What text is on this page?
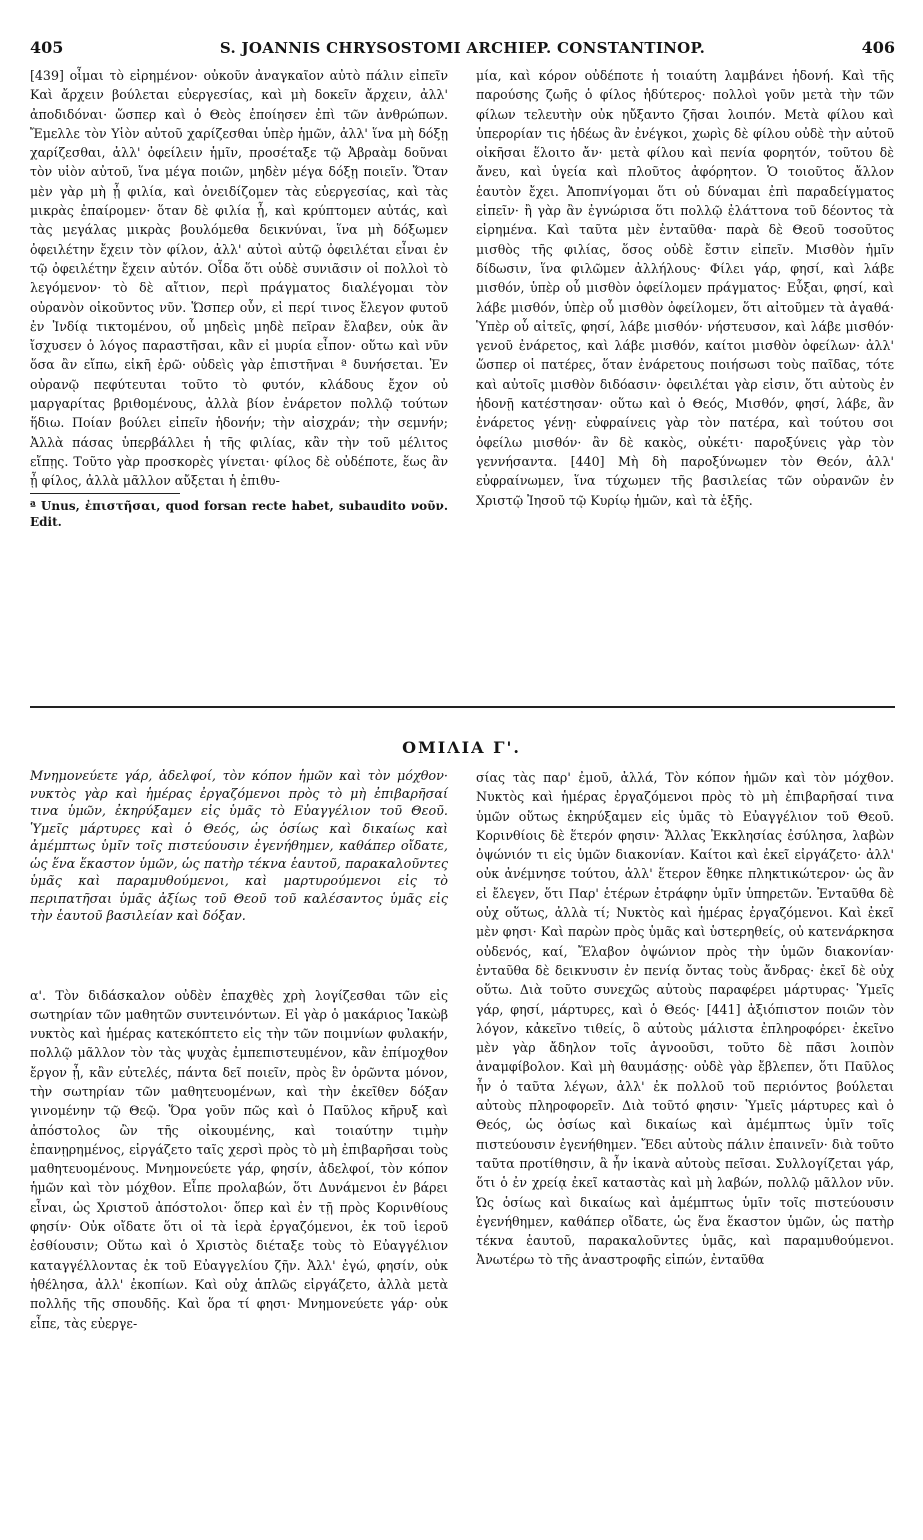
405	S. JOANNIS CHRYSOSTOMI ARCHIEP. CONSTANTINOP.	406

[439] οἶμαι τὸ εἰρημένον· οὐκοῦν ἀναγκαῖον αὐτὸ πάλιν εἰπεῖν Καὶ ἄρχειν βούλεται εὐεργεσίας, καὶ μὴ δοκεῖν ἄρχειν, ἀλλ' ἀποδιδόναι· ὥσπερ καὶ ὁ Θεὸς ἐποίησεν ἐπὶ τῶν ἀνθρώπων. Ἔμελλε τὸν Υἱὸν αὐτοῦ χαρίζεσθαι ὑπὲρ ἡμῶν, ἀλλ' ἵνα μὴ δόξῃ χαρίζεσθαι, ἀλλ' ὀφείλειν ἡμῖν, προσέταξε τῷ Ἀβραὰμ δοῦναι τὸν υἱὸν αὐτοῦ, ἵνα μέγα ποιῶν, μηδὲν μέγα δόξῃ ποιεῖν. Ὅταν μὲν γὰρ μὴ ᾖ φιλία, καὶ ὀνειδίζομεν τὰς εὐεργεσίας, καὶ τὰς μικρὰς ἐπαίρομεν· ὅταν δὲ φιλία ᾖ, καὶ κρύπτομεν αὐτάς, καὶ τὰς μεγάλας μικρὰς βουλόμεθα δεικνύναι, ἵνα μὴ δόξωμεν ὀφειλέτην ἔχειν τὸν φίλον, ἀλλ' αὐτοὶ αὐτῷ ὀφειλέται εἶναι ἐν τῷ ὀφειλέτην ἔχειν αὐτόν. Οἶδα ὅτι οὐδὲ συνιᾶσιν οἱ πολλοὶ τὸ λεγόμενον· τὸ δὲ αἴτιον, περὶ πράγματος διαλέγομαι τὸν οὐρανὸν οἰκοῦντος νῦν. Ὥσπερ οὖν, εἰ περί τινος ἔλεγον φυτοῦ ἐν Ἰνδίᾳ τικτομένου, οὗ μηδεὶς μηδὲ πεῖραν ἔλαβεν, οὐκ ἂν ἴσχυσεν ὁ λόγος παραστῆσαι, κἂν εἰ μυρία εἶπον· οὕτω καὶ νῦν ὅσα ἂν εἴπω, εἰκῆ ἐρῶ· οὐδεὶς γὰρ ἐπιστῆναι ª δυνήσεται. Ἐν οὐρανῷ πεφύτευται τοῦτο τὸ φυτόν, κλάδους ἔχον οὐ μαργαρίτας βριθομένους, ἀλλὰ βίον ἐνάρετον πολλῷ τούτων ἥδιω. Ποίαν βούλει εἰπεῖν ἡδονήν; τὴν αἰσχράν; τὴν σεμνήν; Ἀλλὰ πάσας ὑπερβάλλει ἡ τῆς φιλίας, κἂν τὴν τοῦ μέλιτος εἴπῃς. Τοῦτο γὰρ προσκορὲς γίνεται· φίλος δὲ οὐδέποτε, ἕως ἂν ᾖ φίλος, ἀλλὰ μᾶλλον αὔξεται ἡ ἐπιθυ-

ª Unus, ἐπιστῆσαι, quod forsan recte habet, subaudito νοῦν. Edit.

μία, καὶ κόρον οὐδέποτε ἡ τοιαύτη λαμβάνει ἡδονή. Καὶ τῆς παρούσης ζωῆς ὁ φίλος ἡδύτερος· πολλοὶ γοῦν μετὰ τὴν τῶν φίλων τελευτὴν οὐκ ηὔξαντο ζῆσαι λοιπόν. Μετὰ φίλου καὶ ὑπερορίαν τις ἡδέως ἂν ἐνέγκοι, χωρὶς δὲ φίλου οὐδὲ τὴν αὐτοῦ οἰκῆσαι ἕλοιτο ἄν· μετὰ φίλου καὶ πενία φορητόν, τοῦτου δὲ ἄνευ, καὶ ὑγεία καὶ πλοῦτος ἀφόρητον. Ὁ τοιοῦτος ἄλλον ἑαυτὸν ἔχει. Ἀποπνίγομαι ὅτι οὐ δύναμαι ἐπὶ παραδείγματος εἰπεῖν· ἢ γὰρ ἂν ἐγνώρισα ὅτι πολλῷ ἐλάττονα τοῦ δέοντος τὰ εἰρημένα. Καὶ ταῦτα μὲν ἐνταῦθα· παρὰ δὲ Θεοῦ τοσοῦτος μισθὸς τῆς φιλίας, ὅσος οὐδὲ ἔστιν εἰπεῖν. Μισθὸν ἡμῖν δίδωσιν, ἵνα φιλῶμεν ἀλλήλους· Φίλει γάρ, φησί, καὶ λάβε μισθόν, ὑπὲρ οὗ μισθὸν ὀφείλομεν πράγματος· Εὖξαι, φησί, καὶ λάβε μισθόν, ὑπὲρ οὗ μισθὸν ὀφείλομεν, ὅτι αἰτοῦμεν τὰ ἀγαθά· Ὑπὲρ οὗ αἰτεῖς, φησί, λάβε μισθόν· νήστευσον, καὶ λάβε μισθόν· γενοῦ ἐνάρετος, καὶ λάβε μισθόν, καίτοι μισθὸν ὀφείλων· ἀλλ' ὥσπερ οἱ πατέρες, ὅταν ἐνάρετους ποιήσωσι τοὺς παῖδας, τότε καὶ αὐτοῖς μισθὸν διδόασιν· ὀφειλέται γὰρ εἰσιν, ὅτι αὐτοὺς ἐν ἡδονῇ κατέστησαν· οὕτω καὶ ὁ Θεός, Μισθόν, φησί, λάβε, ἂν ἐνάρετος γένῃ· εὐφραίνεις γὰρ τὸν πατέρα, καὶ τούτου σοι ὀφείλω μισθόν· ἂν δὲ κακὸς, οὐκέτι· παροξύνεις γὰρ τὸν γεννήσαντα. [440] Μὴ δὴ παροξύνωμεν τὸν Θεόν, ἀλλ' εὐφραίνωμεν, ἵνα τύχωμεν τῆς βασιλείας τῶν οὐρανῶν ἐν Χριστῷ Ἰησοῦ τῷ Κυρίῳ ἡμῶν, καὶ τὰ ἑξῆς.

ΟΜΙΛΙΑ Γ'.

Μνημονεύετε γάρ, ἀδελφοί, τὸν κόπον ἡμῶν καὶ τὸν μόχθον· νυκτὸς γὰρ καὶ ἡμέρας ἐργαζόμενοι πρὸς τὸ μὴ ἐπιβαρῆσαί τινα ὑμῶν, ἐκηρύξαμεν εἰς ὑμᾶς τὸ Εὐαγγέλιον τοῦ Θεοῦ. Ὑμεῖς μάρτυρες καὶ ὁ Θεός, ὡς ὁσίως καὶ δικαίως καὶ ἀμέμπτως ὑμῖν τοῖς πιστεύουσιν ἐγενήθημεν, καθάπερ οἴδατε, ὡς ἕνα ἕκαστον ὑμῶν, ὡς πατὴρ τέκνα ἑαυτοῦ, παρακαλοῦντες ὑμᾶς καὶ παραμυθούμενοι, καὶ μαρτυρούμενοι εἰς τὸ περιπατῆσαι ὑμᾶς ἀξίως τοῦ Θεοῦ τοῦ καλέσαντος ὑμᾶς εἰς τὴν ἑαυτοῦ βασιλείαν καὶ δόξαν.

α'. Τὸν διδάσκαλον οὐδὲν ἐπαχθὲς χρὴ λογίζεσθαι τῶν εἰς σωτηρίαν τῶν μαθητῶν συντεινόντων. Εἰ γὰρ ὁ μακάριος Ἰακὼβ νυκτὸς καὶ ἡμέρας κατεκόπτετο εἰς τὴν τῶν ποιμνίων φυλακήν, πολλῷ μᾶλλον τὸν τὰς ψυχὰς ἐμπεπιστευμένον, κἂν ἐπίμοχθον ἔργον ᾖ, κἂν εὐτελές, πάντα δεῖ ποιεῖν, πρὸς ἓν ὁρῶντα μόνον, τὴν σωτηρίαν τῶν μαθητευομένων, καὶ τὴν ἐκεῖθεν δόξαν γινομένην τῷ Θεῷ. Ὅρα γοῦν πῶς καὶ ὁ Παῦλος κῆρυξ καὶ ἀπόστολος ὢν τῆς οἰκουμένης, καὶ τοιαύτην τιμὴν ἐπανῃρημένος, εἰργάζετο ταῖς χερσὶ πρὸς τὸ μὴ ἐπιβαρῆσαι τοὺς μαθητευομένους. Μνημονεύετε γάρ, φησίν, ἀδελφοί, τὸν κόπον ἡμῶν καὶ τὸν μόχθον. Εἶπε προλαβών, ὅτι Δυνάμενοι ἐν βάρει εἶναι, ὡς Χριστοῦ ἀπόστολοι· ὅπερ καὶ ἐν τῇ πρὸς Κορινθίους φησίν· Οὐκ οἴδατε ὅτι οἱ τὰ ἱερὰ ἐργαζόμενοι, ἐκ τοῦ ἱεροῦ ἐσθίουσιν; Οὕτω καὶ ὁ Χριστὸς διέταξε τοὺς τὸ Εὐαγγέλιον καταγγέλλοντας ἐκ τοῦ Εὐαγγελίου ζῆν. Ἀλλ' ἐγώ, φησίν, οὐκ ἠθέλησα, ἀλλ' ἐκοπίων. Καὶ οὐχ ἁπλῶς εἰργάζετο, ἀλλὰ μετὰ πολλῆς τῆς σπουδῆς. Καὶ ὅρα τί φησι· Μνημονεύετε γάρ· οὐκ εἶπε, τὰς εὐεργε-

σίας τὰς παρ' ἐμοῦ, ἀλλά, Τὸν κόπον ἡμῶν καὶ τὸν μόχθον. Νυκτὸς καὶ ἡμέρας ἐργαζόμενοι πρὸς τὸ μὴ ἐπιβαρῆσαί τινα ὑμῶν οὕτως ἐκηρύξαμεν εἰς ὑμᾶς τὸ Εὐαγγέλιον τοῦ Θεοῦ. Κορινθίοις δὲ ἕτερόν φησιν· Ἄλλας Ἐκκλησίας ἐσύλησα, λαβὼν ὀψώνιόν τι εἰς ὑμῶν διακονίαν. Καίτοι καὶ ἐκεῖ εἰργάζετο· ἀλλ' οὐκ ἀνέμνησε τούτου, ἀλλ' ἕτερον ἔθηκε πληκτικώτερον· ὡς ἂν εἰ ἔλεγεν, ὅτι Παρ' ἑτέρων ἐτράφην ὑμῖν ὑπηρετῶν. Ἐνταῦθα δὲ οὐχ οὕτως, ἀλλὰ τί; Νυκτὸς καὶ ἡμέρας ἐργαζόμενοι. Καὶ ἐκεῖ μὲν φησι· Καὶ παρὼν πρὸς ὑμᾶς καὶ ὑστερηθείς, οὐ κατενάρκησα οὐδενός, καί, Ἔλαβον ὀψώνιον πρὸς τὴν ὑμῶν διακονίαν· ἐνταῦθα δὲ δεικνυσιν ἐν πενίᾳ ὄντας τοὺς ἄνδρας· ἐκεῖ δὲ οὐχ οὕτω. Διὰ τοῦτο συνεχῶς αὐτοὺς παραφέρει μάρτυρας· Ὑμεῖς γάρ, φησί, μάρτυρες, καὶ ὁ Θεός· [441] ἀξιόπιστον ποιῶν τὸν λόγον, κἀκεῖνο τιθείς, ὃ αὐτοὺς μάλιστα ἐπληροφόρει· ἐκεῖνο μὲν γὰρ ἄδηλον τοῖς ἀγνοοῦσι, τοῦτο δὲ πᾶσι λοιπὸν ἀναμφίβολον. Καὶ μὴ θαυμάσῃς· οὐδὲ γὰρ ἔβλεπεν, ὅτι Παῦλος ἦν ὁ ταῦτα λέγων, ἀλλ' ἐκ πολλοῦ τοῦ περιόντος βούλεται αὐτοὺς πληροφορεῖν. Διὰ τοῦτό φησιν· Ὑμεῖς μάρτυρες καὶ ὁ Θεός, ὡς ὁσίως καὶ δικαίως καὶ ἀμέμπτως ὑμῖν τοῖς πιστεύουσιν ἐγενήθημεν. Ἔδει αὐτοὺς πάλιν ἐπαινεῖν· διὰ τοῦτο ταῦτα προτίθησιν, ἃ ἦν ἱκανὰ αὐτοὺς πεῖσαι. Συλλογίζεται γάρ, ὅτι ὁ ἐν χρείᾳ ἐκεῖ καταστὰς καὶ μὴ λαβών, πολλῷ μᾶλλον νῦν. Ὡς ὁσίως καὶ δικαίως καὶ ἀμέμπτως ὑμῖν τοῖς πιστεύουσιν ἐγενήθημεν, καθάπερ οἴδατε, ὡς ἕνα ἕκαστον ὑμῶν, ὡς πατὴρ τέκνα ἑαυτοῦ, παρακαλοῦντες ὑμᾶς, καὶ παραμυθούμενοι. Ἀνωτέρω τὸ τῆς ἀναστροφῆς εἰπών, ἐνταῦθα
